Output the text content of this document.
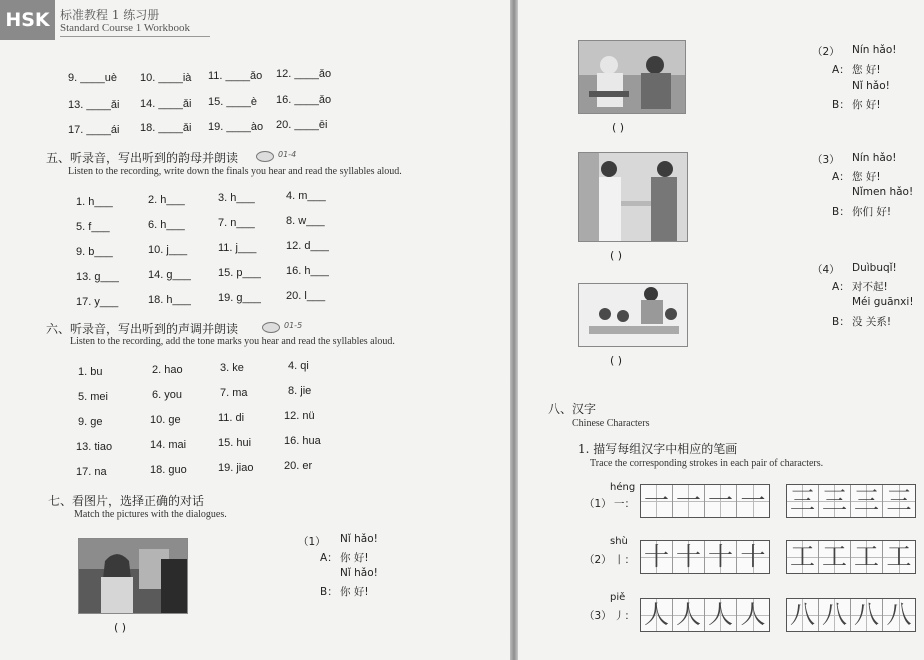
HSK 标准教程 1 练习册
Standard Course 1 Workbook
9. ____uè 10. ____ià 11. ____ǎo 12. ____ǎo
13. ____ǎi 14. ____ǎi 15. ____è 16. ____ǎo
17. ____ái 18. ____ǎi 19. ____ào 20. ____ēi
五、听录音，写出听到的韵母并朗读	01-4
Listen to the recording, write down the finals you hear and read the syllables aloud.
1. h___	2. h___	3. h___	4. m___
5. f___	6. h___	7. n___	8. w___
9. b___	10. j___	11. j___	12. d___
13. g___	14. g___ 15. p___ 16. h___
17. y___	18. h___ 19. g___ 20. l___
六、听录音，写出听到的声调并朗读	01-5
Listen to the recording, add the tone marks you hear and read the syllables aloud.
1. bu	2. hao	3. ke	4. qi
5. mei	6. you	7. ma	8. jie
9. ge	10. ge	11. di	12. nü
13. tiao	14. mai	15. hui	16. hua
17. na	18. guo	19. jiao	20. er
七、看图片，选择正确的对话
Match the pictures with the dialogues.
( )
（1） Nǐ hǎo!
A： 你 好!
Nǐ hǎo!
B： 你 好!
( )
( )
( )
（2） Nín hǎo!
A： 您 好!
Nǐ hǎo!
B： 你 好!
（3） Nín hǎo!
A： 您 好!
Nǐmen hǎo!
B： 你们 好!
（4） Duìbuqǐ!
A： 对不起!
Méi guānxi!
B： 没 关系!
八、汉字
Chinese Characters
1. 描写每组汉字中相应的笔画
Trace the corresponding strokes in each pair of characters.
héng
（1） 一： 一 一 一 一 三 三 三 三
shù
（2） 丨： 十 十 十 十 工 工 工 工
piě
（3） 丿： 人 人 人 人 八 八 八 八
